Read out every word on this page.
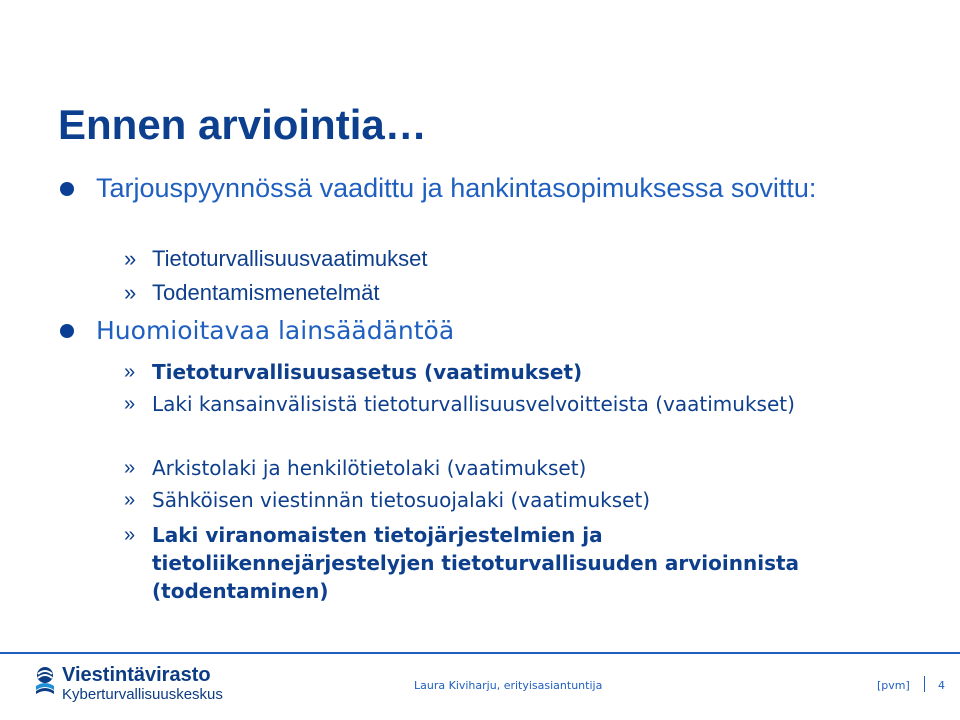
Ennen arviointia…
Tarjouspyynnössä vaadittu ja hankintasopimuksessa sovittu:
» Tietoturvallisuusvaatimukset
» Todentamismenetelmät
Huomioitavaa lainsäädäntöä
» Tietoturvallisuusasetus (vaatimukset)
» Laki kansainvälisistä tietoturvallisuusvelvoitteista (vaatimukset)
» Arkistolaki ja henkilötietolaki (vaatimukset)
» Sähköisen viestinnän tietosuojalaki (vaatimukset)
» Laki viranomaisten tietojärjestelmien ja tietoliikennejärjestelyjen tietoturvallisuuden arvioinnista (todentaminen)
Viestintävirasto
Kyberturvallisuuskeskus
Laura Kiviharju, erityisasiantuntija	[pvm]	4
